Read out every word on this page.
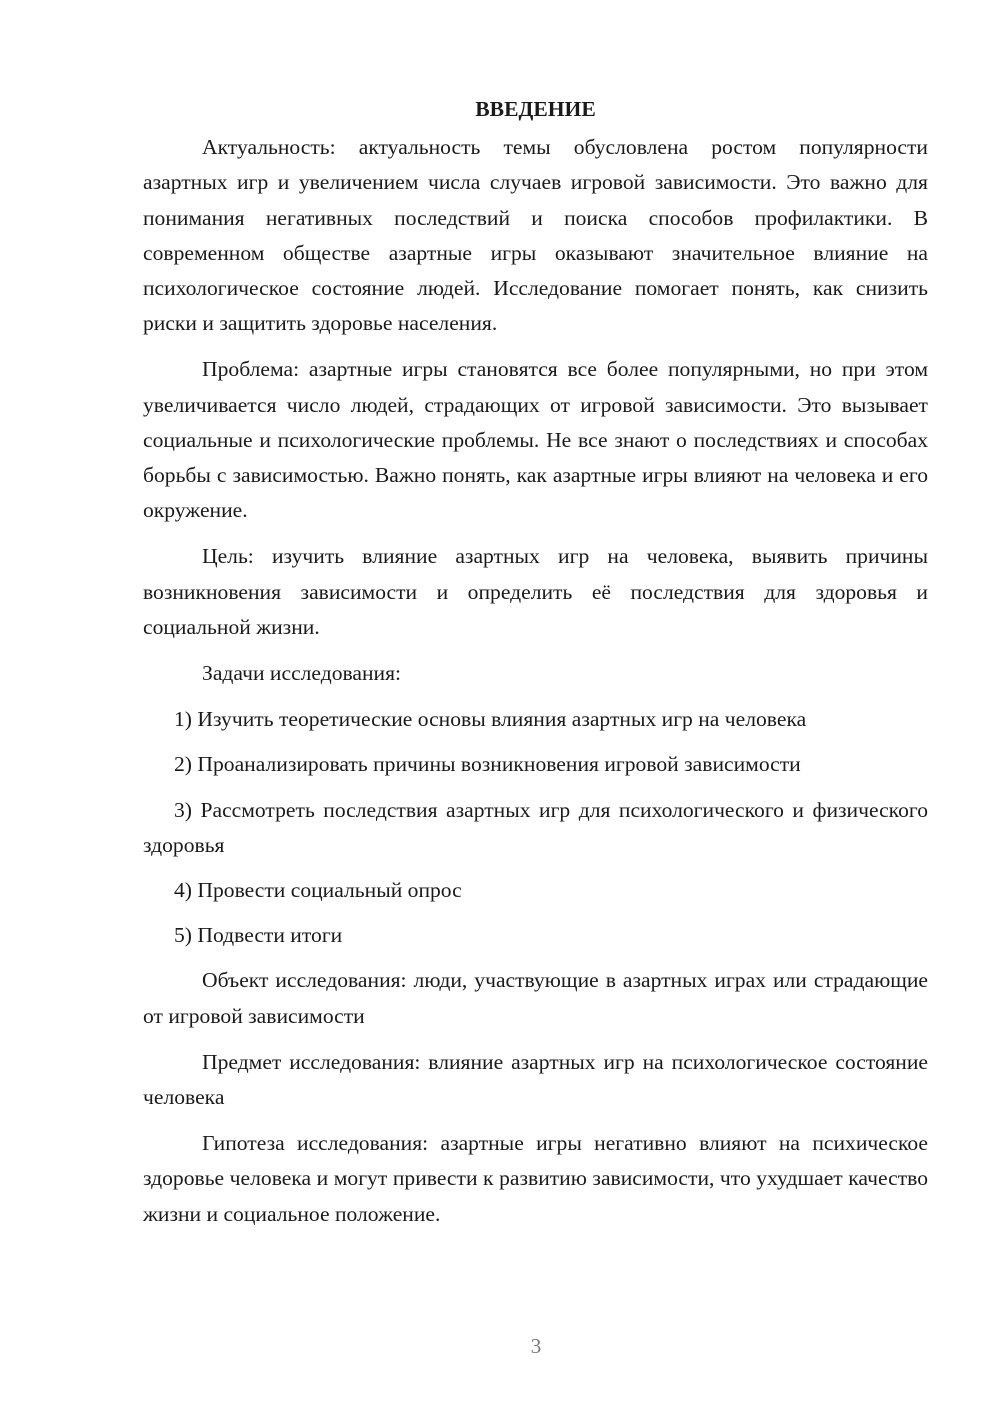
ВВЕДЕНИЕ

Актуальность: актуальность темы обусловлена ростом популярности азартных игр и увеличением числа случаев игровой зависимости. Это важно для понимания негативных последствий и поиска способов профилактики. В современном обществе азартные игры оказывают значительное влияние на психологическое состояние людей. Исследование помогает понять, как снизить риски и защитить здоровье населения.

Проблема: азартные игры становятся все более популярными, но при этом увеличивается число людей, страдающих от игровой зависимости. Это вызывает социальные и психологические проблемы. Не все знают о последствиях и способах борьбы с зависимостью. Важно понять, как азартные игры влияют на человека и его окружение.

Цель: изучить влияние азартных игр на человека, выявить причины возникновения зависимости и определить её последствия для здоровья и социальной жизни.

Задачи исследования:

1) Изучить теоретические основы влияния азартных игр на человека

2) Проанализировать причины возникновения игровой зависимости

3) Рассмотреть последствия азартных игр для психологического и физического здоровья

4) Провести социальный опрос

5) Подвести итоги

Объект исследования: люди, участвующие в азартных играх или страдающие от игровой зависимости

Предмет исследования: влияние азартных игр на психологическое состояние человека

Гипотеза исследования: азартные игры негативно влияют на психическое здоровье человека и могут привести к развитию зависимости, что ухудшает качество жизни и социальное положение.

3
